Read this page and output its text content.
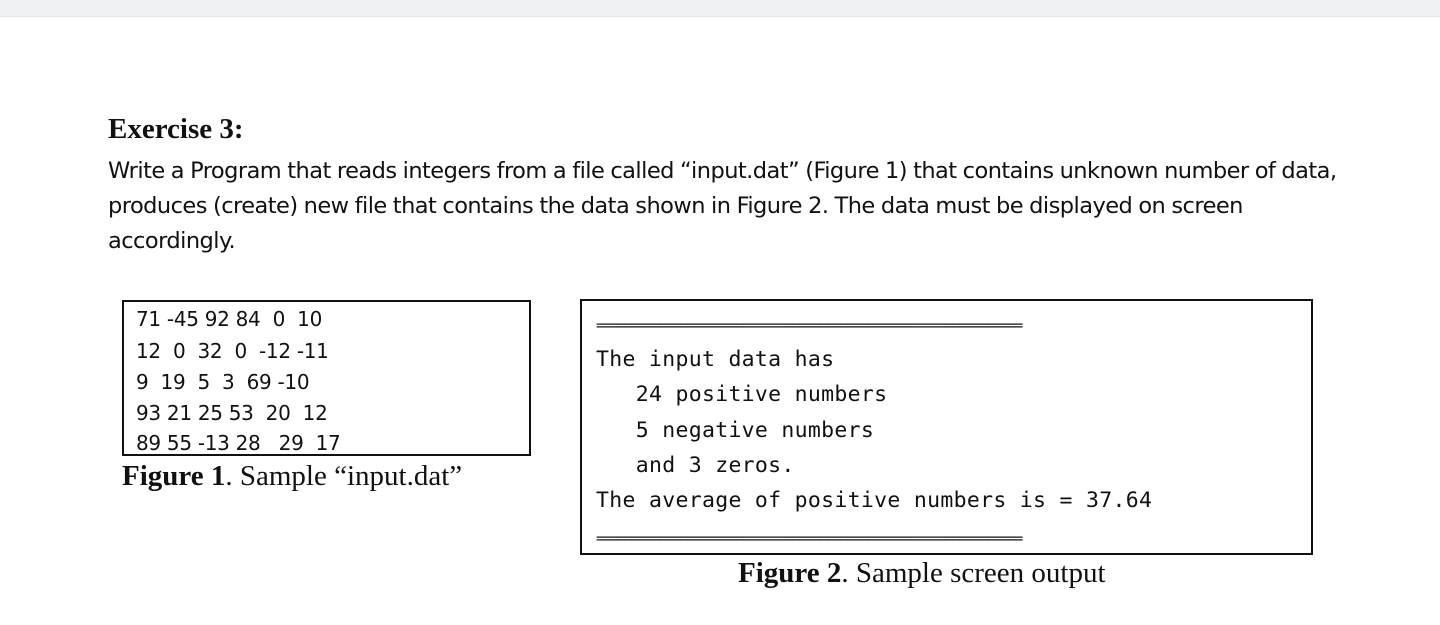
Exercise 3:

Write a Program that reads integers from a file called “input.dat” (Figure 1) that contains unknown number of data, produces (create) new file that contains the data shown in Figure 2. The data must be displayed on screen accordingly.

71 -45 92 84  0  10
12  0  32  0  -12 -11
9  19  5  3  69 -10
93 21 25 53  20  12
89 55 -13 28   29  17

Figure 1. Sample “input.dat”

=============================================================
The input data has
24 positive numbers
5 negative numbers
and 3 zeros.
The average of positive numbers is = 37.64
=============================================================

Figure 2. Sample screen output
